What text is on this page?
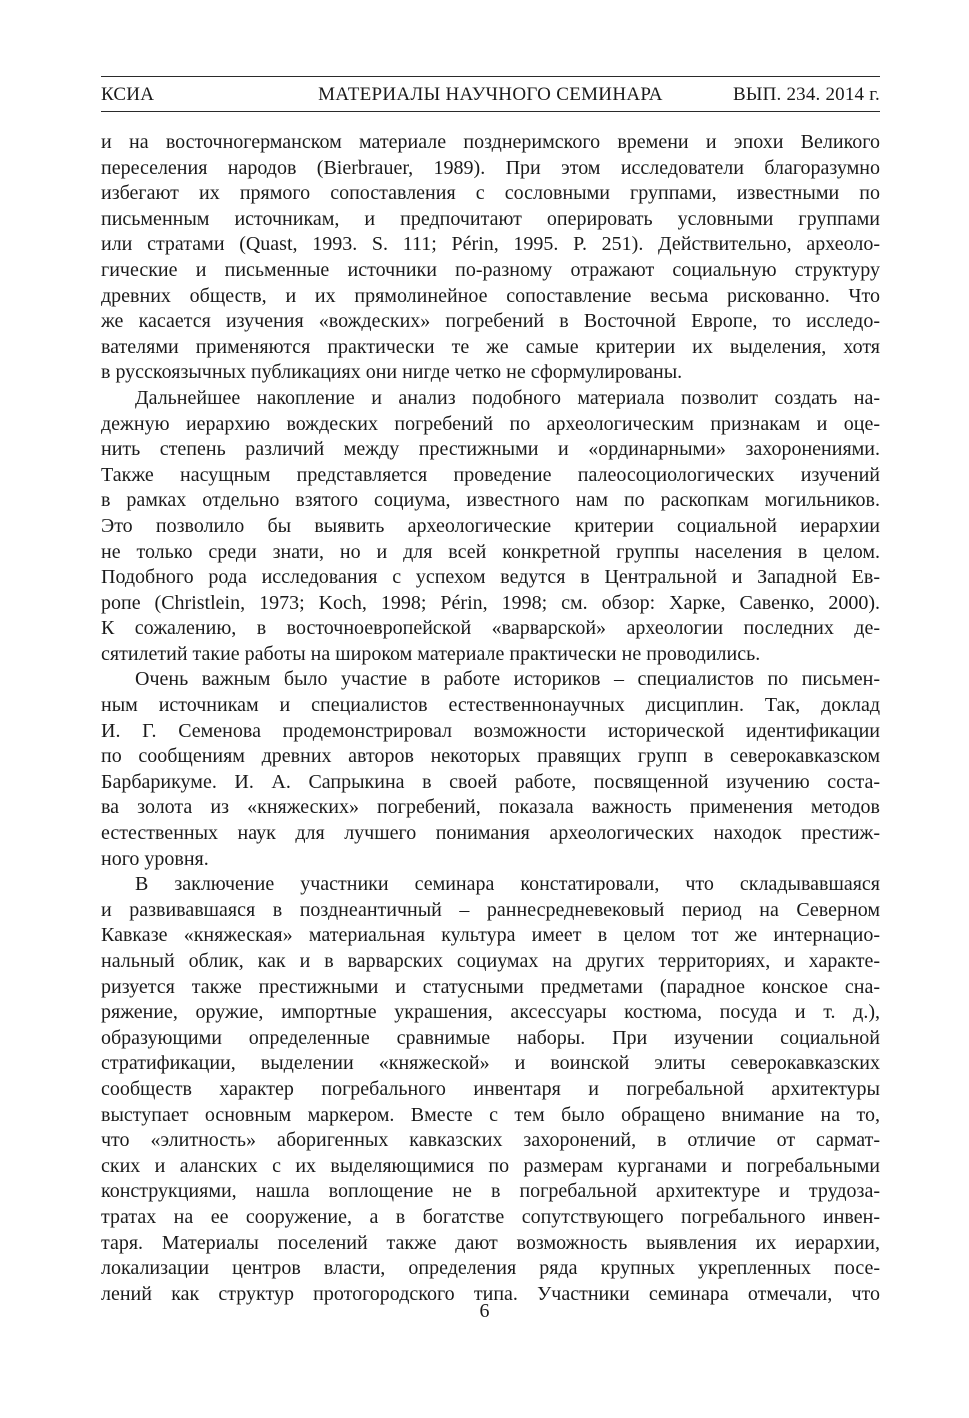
КСИА	МАТЕРИАЛЫ НАУЧНОГО СЕМИНАРА	ВЫП. 234. 2014 г.
и на восточногерманском материале позднеримского времени и эпохи Великого
переселения народов (Bierbrauer, 1989). При этом исследователи благоразумно
избегают их прямого сопоставления с сословными группами, известными по
письменным источникам, и предпочитают оперировать условными группами
или стратами (Quast, 1993. S. 111; Périn, 1995. P. 251). Действительно, археоло-
гические и письменные источники по-разному отражают социальную структуру
древних обществ, и их прямолинейное сопоставление весьма рискованно. Что
же касается изучения «вождеских» погребений в Восточной Европе, то исследо-
вателями применяются практически те же самые критерии их выделения, хотя
в русскоязычных публикациях они нигде четко не сформулированы.
Дальнейшее накопление и анализ подобного материала позволит создать на-
дежную иерархию вождеских погребений по археологическим признакам и оце-
нить степень различий между престижными и «ординарными» захоронениями.
Также насущным представляется проведение палеосоциологических изучений
в рамках отдельно взятого социума, известного нам по раскопкам могильников.
Это позволило бы выявить археологические критерии социальной иерархии
не только среди знати, но и для всей конкретной группы населения в целом.
Подобного рода исследования с успехом ведутся в Центральной и Западной Ев-
ропе (Christlein, 1973; Koch, 1998; Périn, 1998; см. обзор: Харке, Савенко, 2000).
К сожалению, в восточноевропейской «варварской» археологии последних де-
сятилетий такие работы на широком материале практически не проводились.
Очень важным было участие в работе историков – специалистов по письмен-
ным источникам и специалистов естественнонаучных дисциплин. Так, доклад
И. Г. Семенова продемонстрировал возможности исторической идентификации
по сообщениям древних авторов некоторых правящих групп в северокавказском
Барбарикуме. И. А. Сапрыкина в своей работе, посвященной изучению соста-
ва золота из «княжеских» погребений, показала важность применения методов
естественных наук для лучшего понимания археологических находок престиж-
ного уровня.
В заключение участники семинара констатировали, что складывавшаяся
и развивавшаяся в позднеантичный – раннесредневековый период на Северном
Кавказе «княжеская» материальная культура имеет в целом тот же интернацио-
нальный облик, как и в варварских социумах на других территориях, и характе-
ризуется также престижными и статусными предметами (парадное конское сна-
ряжение, оружие, импортные украшения, аксессуары костюма, посуда и т. д.),
образующими определенные сравнимые наборы. При изучении социальной
стратификации, выделении «княжеской» и воинской элиты северокавказских
сообществ характер погребального инвентаря и погребальной архитектуры
выступает основным маркером. Вместе с тем было обращено внимание на то,
что «элитность» аборигенных кавказских захоронений, в отличие от сармат-
ских и аланских с их выделяющимися по размерам курганами и погребальными
конструкциями, нашла воплощение не в погребальной архитектуре и трудоза-
тратах на ее сооружение, а в богатстве сопутствующего погребального инвен-
таря. Материалы поселений также дают возможность выявления их иерархии,
локализации центров власти, определения ряда крупных укрепленных посе-
лений как структур протогородского типа. Участники семинара отмечали, что
6
